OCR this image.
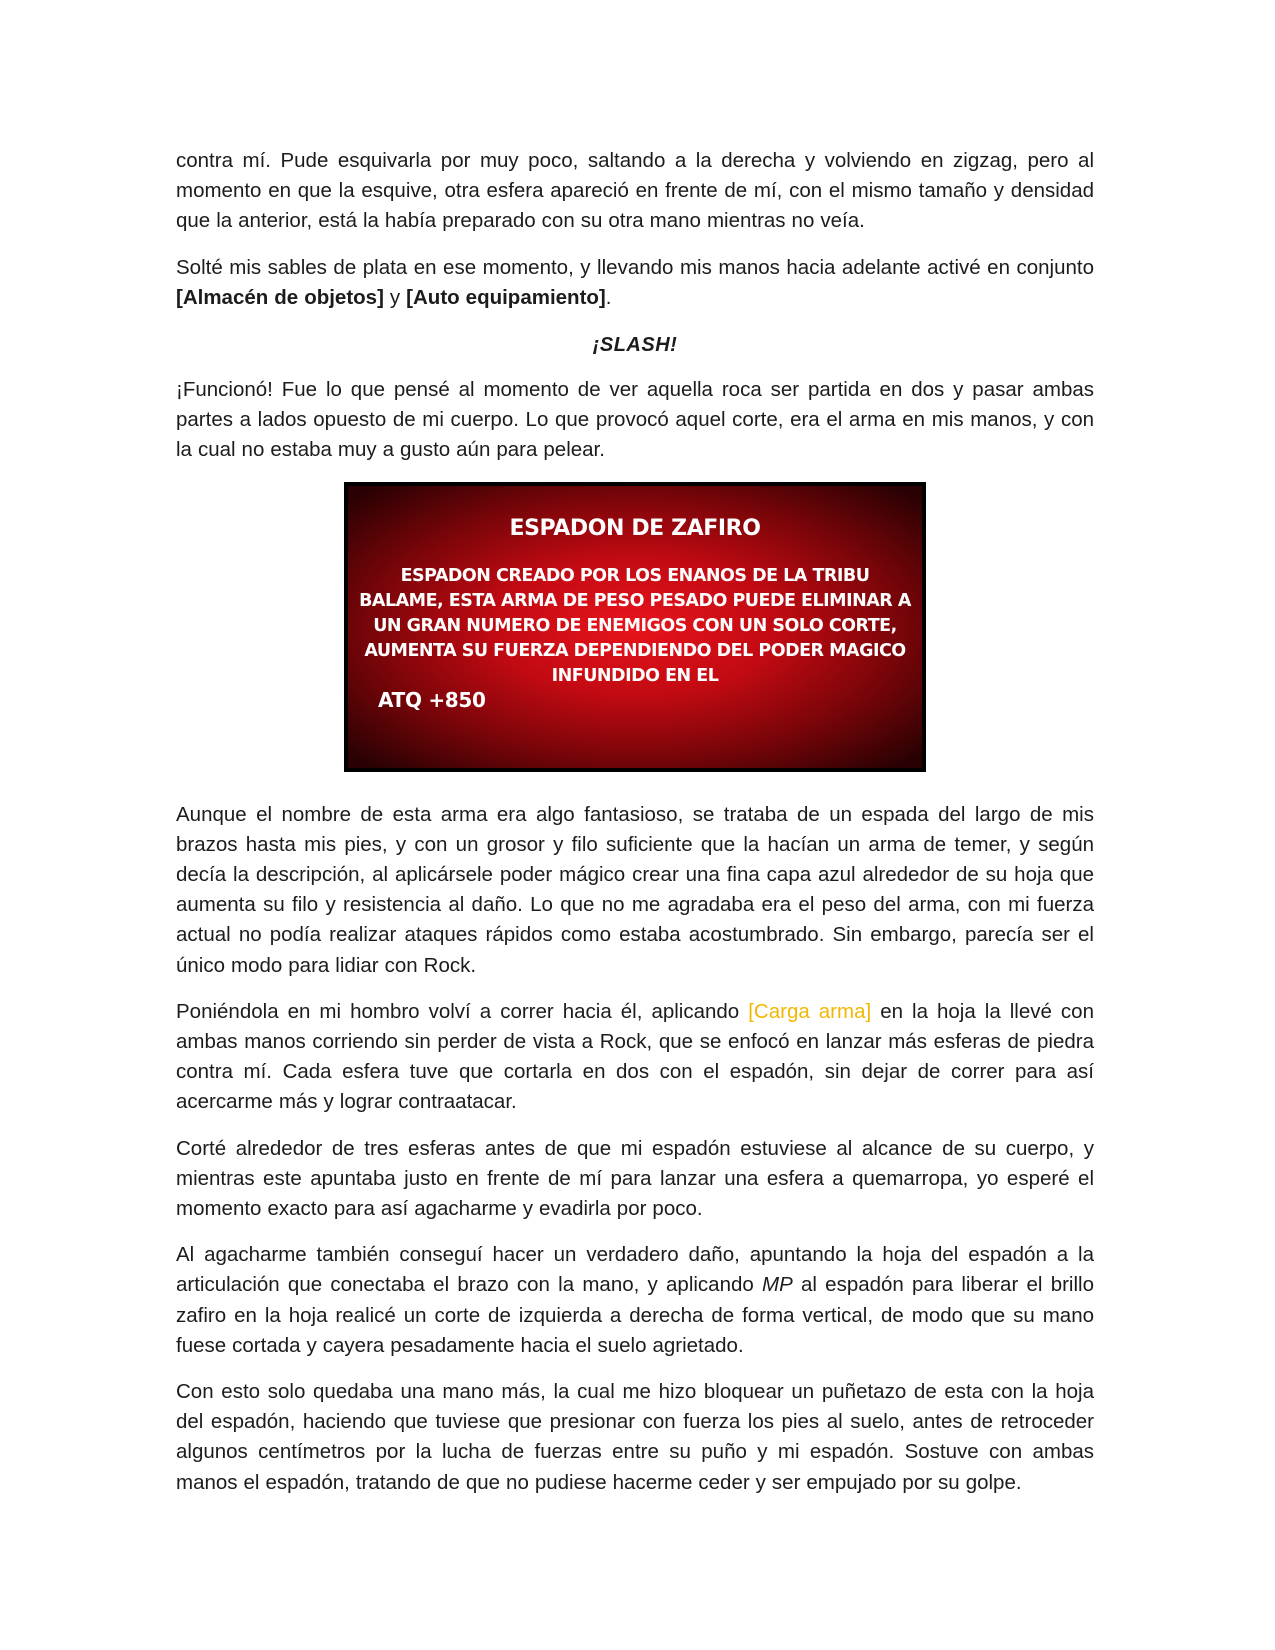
contra mí. Pude esquivarla por muy poco, saltando a la derecha y volviendo en zigzag, pero al momento en que la esquive, otra esfera apareció en frente de mí, con el mismo tamaño y densidad que la anterior, está la había preparado con su otra mano mientras no veía.

Solté mis sables de plata en ese momento, y llevando mis manos hacia adelante activé en conjunto [Almacén de objetos] y [Auto equipamiento].

¡SLASH!

¡Funcionó! Fue lo que pensé al momento de ver aquella roca ser partida en dos y pasar ambas partes a lados opuesto de mi cuerpo. Lo que provocó aquel corte, era el arma en mis manos, y con la cual no estaba muy a gusto aún para pelear.

ESPADON DE ZAFIRO
ESPADON CREADO POR LOS ENANOS DE LA TRIBU BALAME, ESTA ARMA DE PESO PESADO PUEDE ELIMINAR A UN GRAN NUMERO DE ENEMIGOS CON UN SOLO CORTE, AUMENTA SU FUERZA DEPENDIENDO DEL PODER MAGICO INFUNDIDO EN EL
ATQ +850

Aunque el nombre de esta arma era algo fantasioso, se trataba de un espada del largo de mis brazos hasta mis pies, y con un grosor y filo suficiente que la hacían un arma de temer, y según decía la descripción, al aplicársele poder mágico crear una fina capa azul alrededor de su hoja que aumenta su filo y resistencia al daño. Lo que no me agradaba era el peso del arma, con mi fuerza actual no podía realizar ataques rápidos como estaba acostumbrado. Sin embargo, parecía ser el único modo para lidiar con Rock.

Poniéndola en mi hombro volví a correr hacia él, aplicando [Carga arma] en la hoja la llevé con ambas manos corriendo sin perder de vista a Rock, que se enfocó en lanzar más esferas de piedra contra mí. Cada esfera tuve que cortarla en dos con el espadón, sin dejar de correr para así acercarme más y lograr contraatacar.

Corté alrededor de tres esferas antes de que mi espadón estuviese al alcance de su cuerpo, y mientras este apuntaba justo en frente de mí para lanzar una esfera a quemarropa, yo esperé el momento exacto para así agacharme y evadirla por poco.

Al agacharme también conseguí hacer un verdadero daño, apuntando la hoja del espadón a la articulación que conectaba el brazo con la mano, y aplicando MP al espadón para liberar el brillo zafiro en la hoja realicé un corte de izquierda a derecha de forma vertical, de modo que su mano fuese cortada y cayera pesadamente hacia el suelo agrietado.

Con esto solo quedaba una mano más, la cual me hizo bloquear un puñetazo de esta con la hoja del espadón, haciendo que tuviese que presionar con fuerza los pies al suelo, antes de retroceder algunos centímetros por la lucha de fuerzas entre su puño y mi espadón. Sostuve con ambas manos el espadón, tratando de que no pudiese hacerme ceder y ser empujado por su golpe.
